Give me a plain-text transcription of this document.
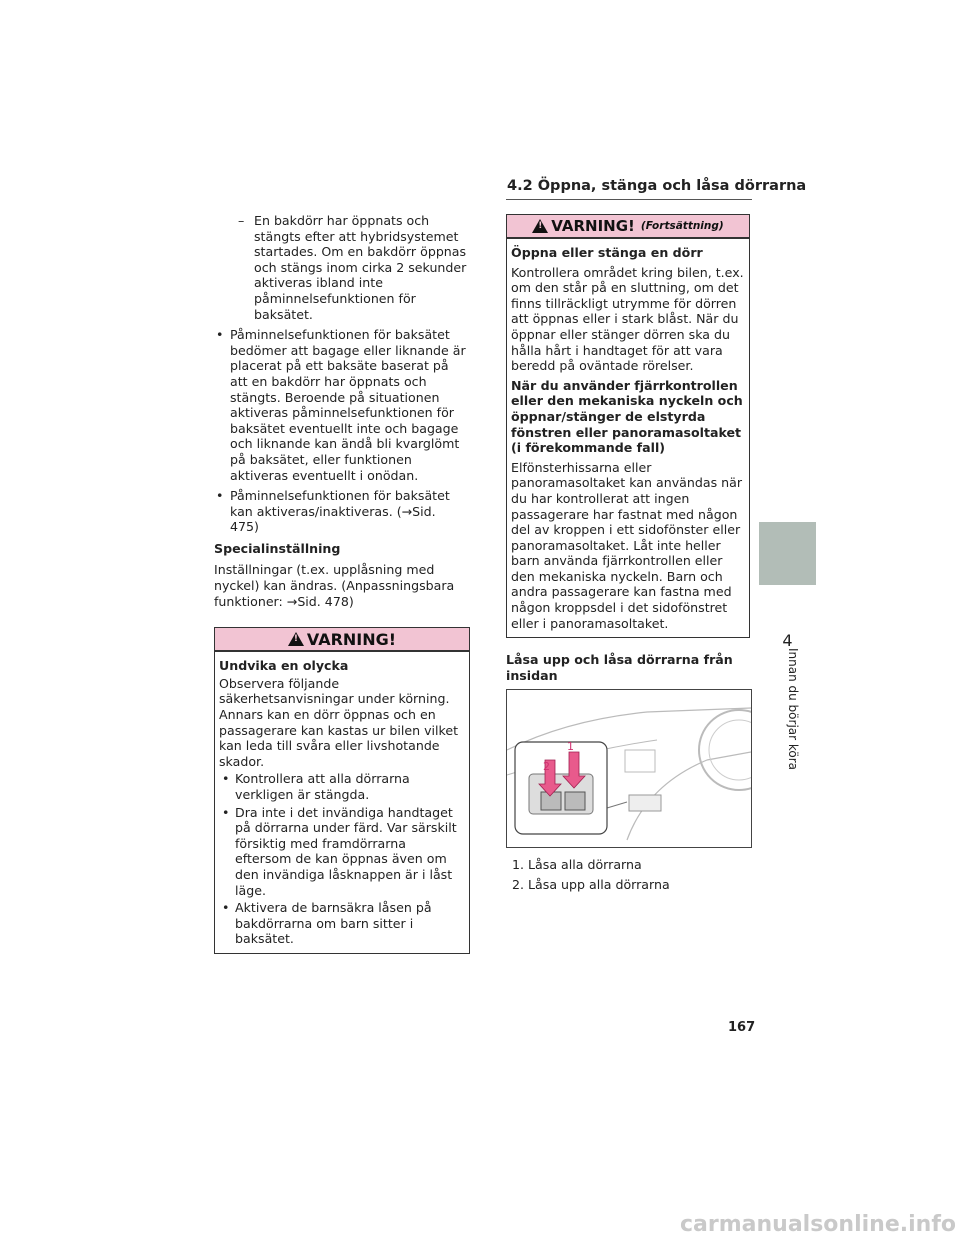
4.2 Öppna, stänga och låsa dörrarna
– En bakdörr har öppnats och stängts efter att hybridsystemet startades. Om en bakdörr öppnas och stängs inom cirka 2 sekunder aktiveras ibland inte påminnelsefunktionen för baksätet.
• Påminnelsefunktionen för baksätet bedömer att bagage eller liknande är placerat på ett baksäte baserat på att en bakdörr har öppnats och stängts. Beroende på situationen aktiveras påminnelsefunktionen för baksätet eventuellt inte och bagage och liknande kan ändå bli kvarglömt på baksätet, eller funktionen aktiveras eventuellt i onödan.
• Påminnelsefunktionen för baksätet kan aktiveras/inaktiveras. (→Sid. 475)
Specialinställning
Inställningar (t.ex. upplåsning med nyckel) kan ändras. (Anpassningsbara funktioner: →Sid. 478)
!
VARNING!
Undvika en olycka
Observera följande säkerhetsanvisningar under körning. Annars kan en dörr öppnas och en passagerare kan kastas ur bilen vilket kan leda till svåra eller livshotande skador.
• Kontrollera att alla dörrarna verkligen är stängda.
• Dra inte i det invändiga handtaget på dörrarna under färd. Var särskilt försiktig med framdörrarna eftersom de kan öppnas även om den invändiga låsknappen är i låst läge.
• Aktivera de barnsäkra låsen på bakdörrarna om barn sitter i baksätet.
!
VARNING! (Fortsättning)
Öppna eller stänga en dörr
Kontrollera området kring bilen, t.ex. om den står på en sluttning, om det finns tillräckligt utrymme för dörren att öppnas eller i stark blåst. När du öppnar eller stänger dörren ska du hålla hårt i handtaget för att vara beredd på oväntade rörelser.
När du använder fjärrkontrollen eller den mekaniska nyckeln och öppnar/stänger de elstyrda fönstren eller panoramasoltaket (i förekommande fall)
Elfönsterhissarna eller panoramasoltaket kan användas när du har kontrollerat att ingen passagerare har fastnat med någon del av kroppen i ett sidofönster eller panoramasoltaket. Låt inte heller barn använda fjärrkontrollen eller den mekaniska nyckeln. Barn och andra passagerare kan fastna med någon kroppsdel i det sidofönstret eller i panoramasoltaket.
Låsa upp och låsa dörrarna från insidan
2
1
1. Låsa alla dörrarna
2. Låsa upp alla dörrarna
4
Innan du börjar köra
167
carmanualsonline.info
